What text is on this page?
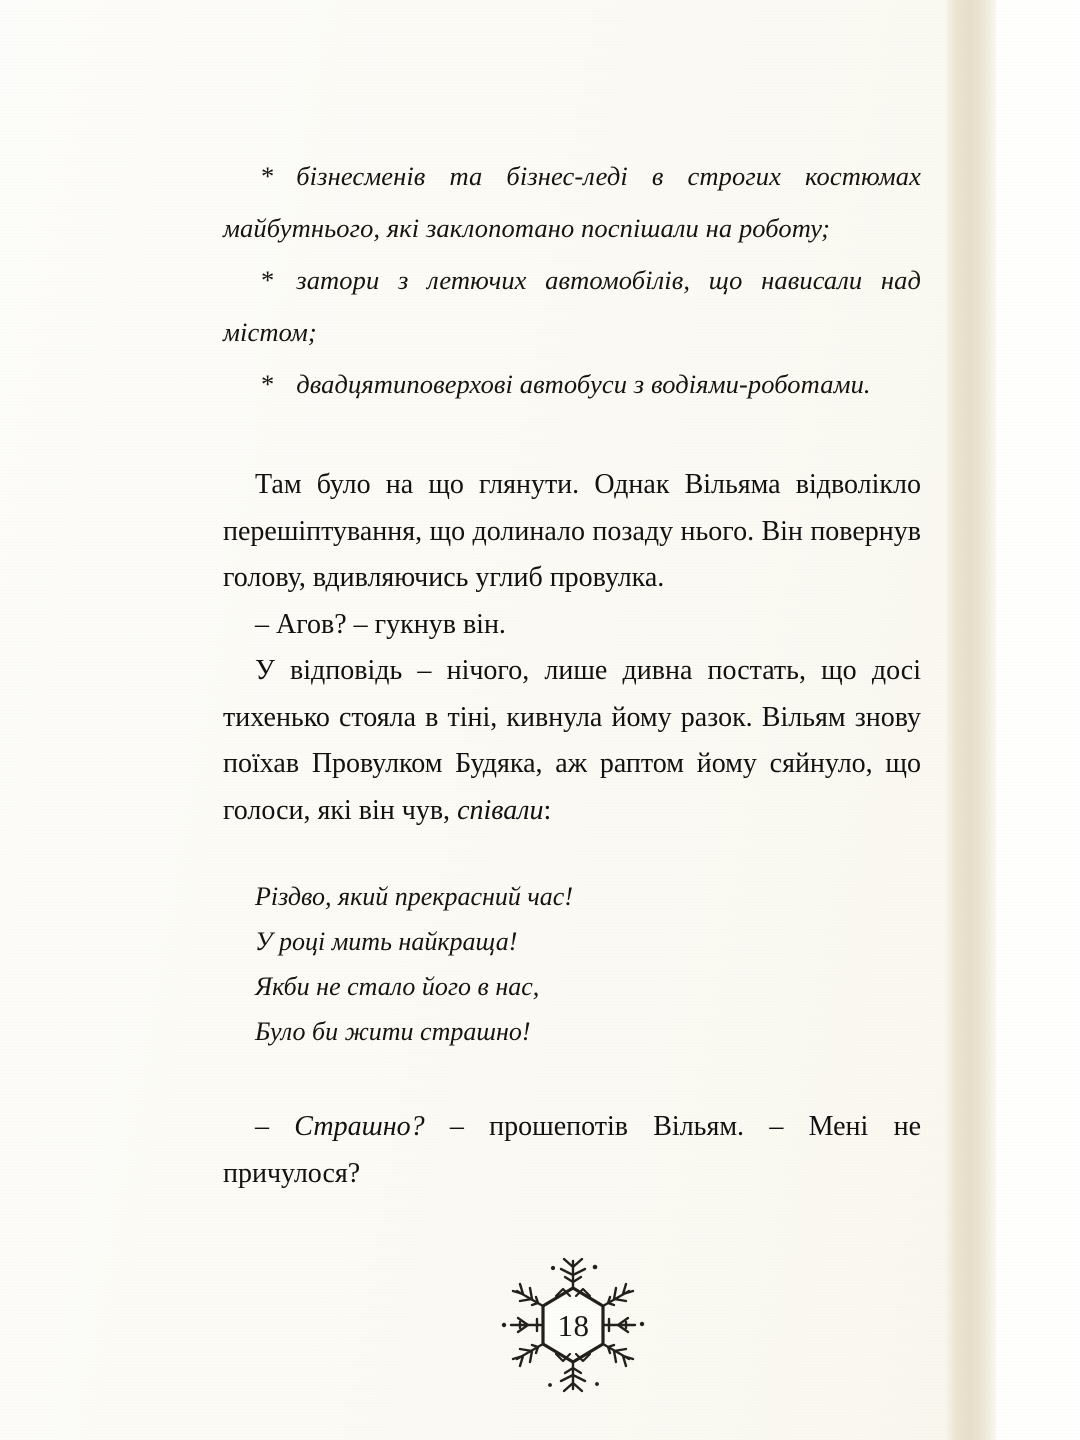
* бізнесменів та бізнес-леді в строгих костюмах майбутнього, які заклопотано поспішали на роботу;

* затори з летючих автомобілів, що нависали над містом;

* двадцятиповерхові автобуси з водіями-роботами.

Там було на що глянути. Однак Вільяма відволікло перешіптування, що долинало позаду нього. Він повернув голову, вдивляючись углиб провулка.

– Агов? – гукнув він.

У відповідь – нічого, лише дивна постать, що досі тихенько стояла в тіні, кивнула йому разок. Вільям знову поїхав Провулком Будяка, аж раптом йому сяйнуло, що голоси, які він чув, співали:

Різдво, який прекрасний час!
У році мить найкраща!
Якби не стало його в нас,
Було би жити страшно!

– Страшно? – прошепотів Вільям. – Мені не причулося?

18
